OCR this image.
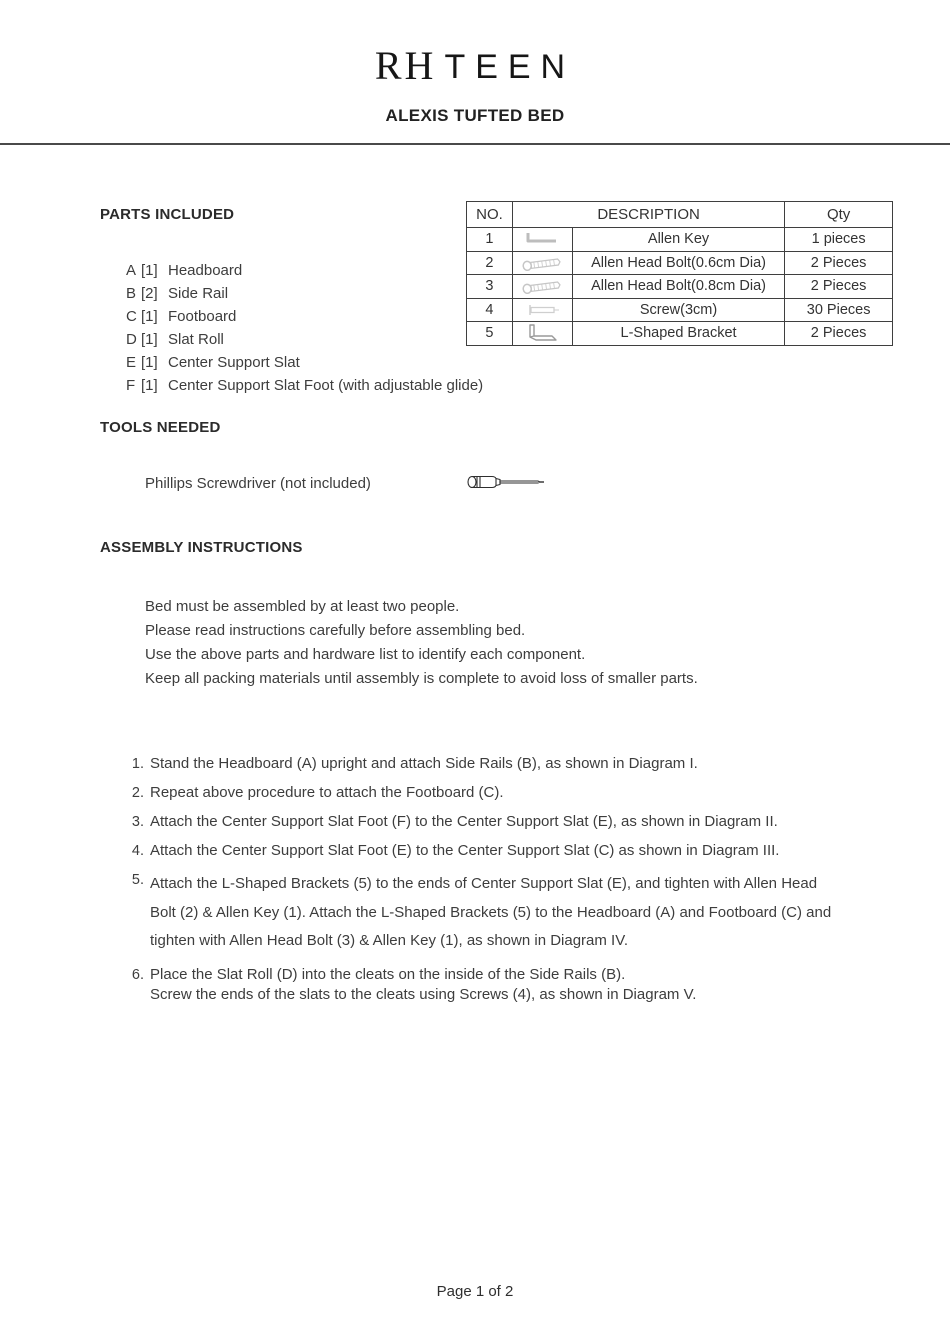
RH TEEN
ALEXIS TUFTED BED
PARTS INCLUDED
A [1] Headboard
B [2] Side Rail
C [1] Footboard
D [1] Slat Roll
E [1] Center Support Slat
F [1] Center Support Slat Foot (with adjustable glide)
NO.	DESCRIPTION		Qty
1		Allen Key	1 pieces
2		Allen Head Bolt(0.6cm Dia)	2 Pieces
3		Allen Head Bolt(0.8cm Dia)	2 Pieces
4		Screw(3cm)	30 Pieces
5		L-Shaped Bracket	2 Pieces
TOOLS NEEDED
Phillips Screwdriver (not included)
ASSEMBLY INSTRUCTIONS
Bed must be assembled by at least two people.
Please read instructions carefully before assembling bed.
Use the above parts and hardware list to identify each component.
Keep all packing materials until assembly is complete to avoid loss of smaller parts.
1. Stand the Headboard (A) upright and attach Side Rails (B), as shown in Diagram I.
2. Repeat above procedure to attach the Footboard (C).
3. Attach the Center Support Slat Foot (F) to the Center Support Slat (E), as shown in Diagram II.
4. Attach the Center Support Slat Foot (E) to the Center Support Slat (C) as shown in Diagram III.
5. Attach the L-Shaped Brackets (5) to the ends of Center Support Slat (E), and tighten with Allen Head
Bolt (2) & Allen Key (1). Attach the L-Shaped Brackets (5) to the Headboard (A) and Footboard (C) and
tighten with Allen Head Bolt (3) & Allen Key (1), as shown in Diagram IV.
6. Place the Slat Roll (D) into the cleats on the inside of the Side Rails (B).
Screw the ends of the slats to the cleats using Screws (4), as shown in Diagram V.
Page 1 of 2
